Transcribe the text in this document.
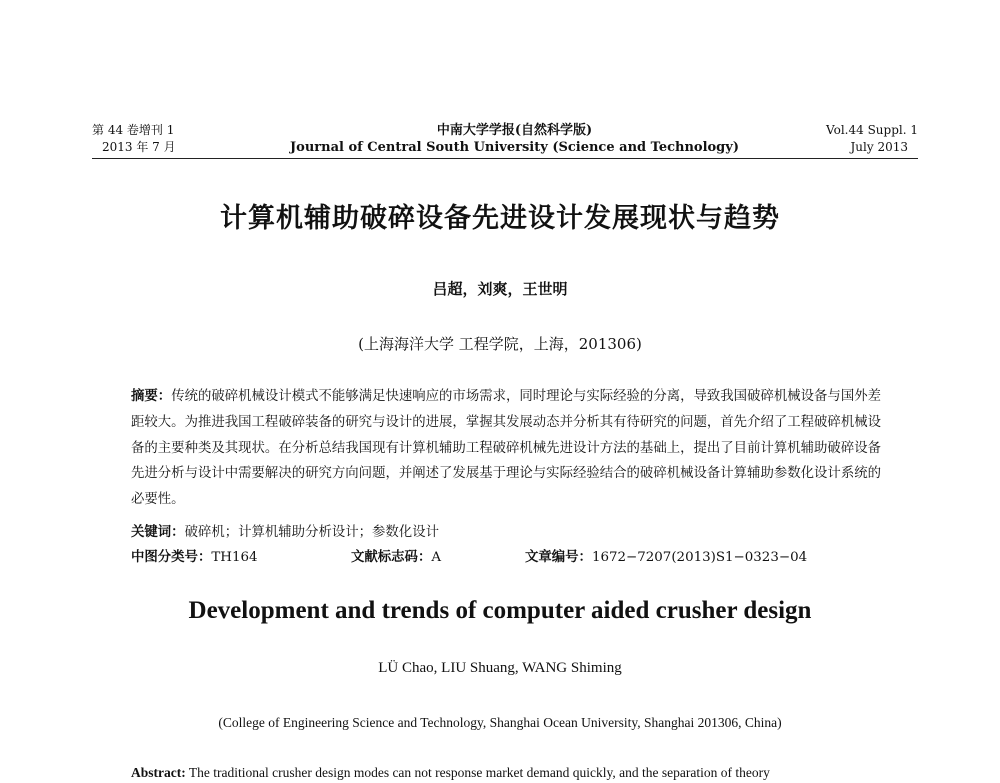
第 44 卷增刊 1
2013 年 7 月
中南大学学报(自然科学版)
Journal of Central South University (Science and Technology)
Vol.44 Suppl. 1
July 2013
计算机辅助破碎设备先进设计发展现状与趋势
吕超，刘爽，王世明
(上海海洋大学 工程学院，上海，201306)
摘要：传统的破碎机械设计模式不能够满足快速响应的市场需求，同时理论与实际经验的分离，导致我国破碎机械设备与国外差距较大。为推进我国工程破碎装备的研究与设计的进展，掌握其发展动态并分析其有待研究的问题，首先介绍了工程破碎机械设备的主要种类及其现状。在分析总结我国现有计算机辅助工程破碎机械先进设计方法的基础上，提出了目前计算机辅助破碎设备先进分析与设计中需要解决的研究方向问题，并阐述了发展基于理论与实际经验结合的破碎机械设备计算辅助参数化设计系统的必要性。
关键词：破碎机；计算机辅助分析设计；参数化设计
中图分类号：TH164	文献标志码：A	文章编号：1672−7207(2013)S1−0323−04
Development and trends of computer aided crusher design
LÜ Chao, LIU Shuang, WANG Shiming
(College of Engineering Science and Technology, Shanghai Ocean University, Shanghai 201306, China)
Abstract: The traditional crusher design modes can not response market demand quickly, and the separation of theory
